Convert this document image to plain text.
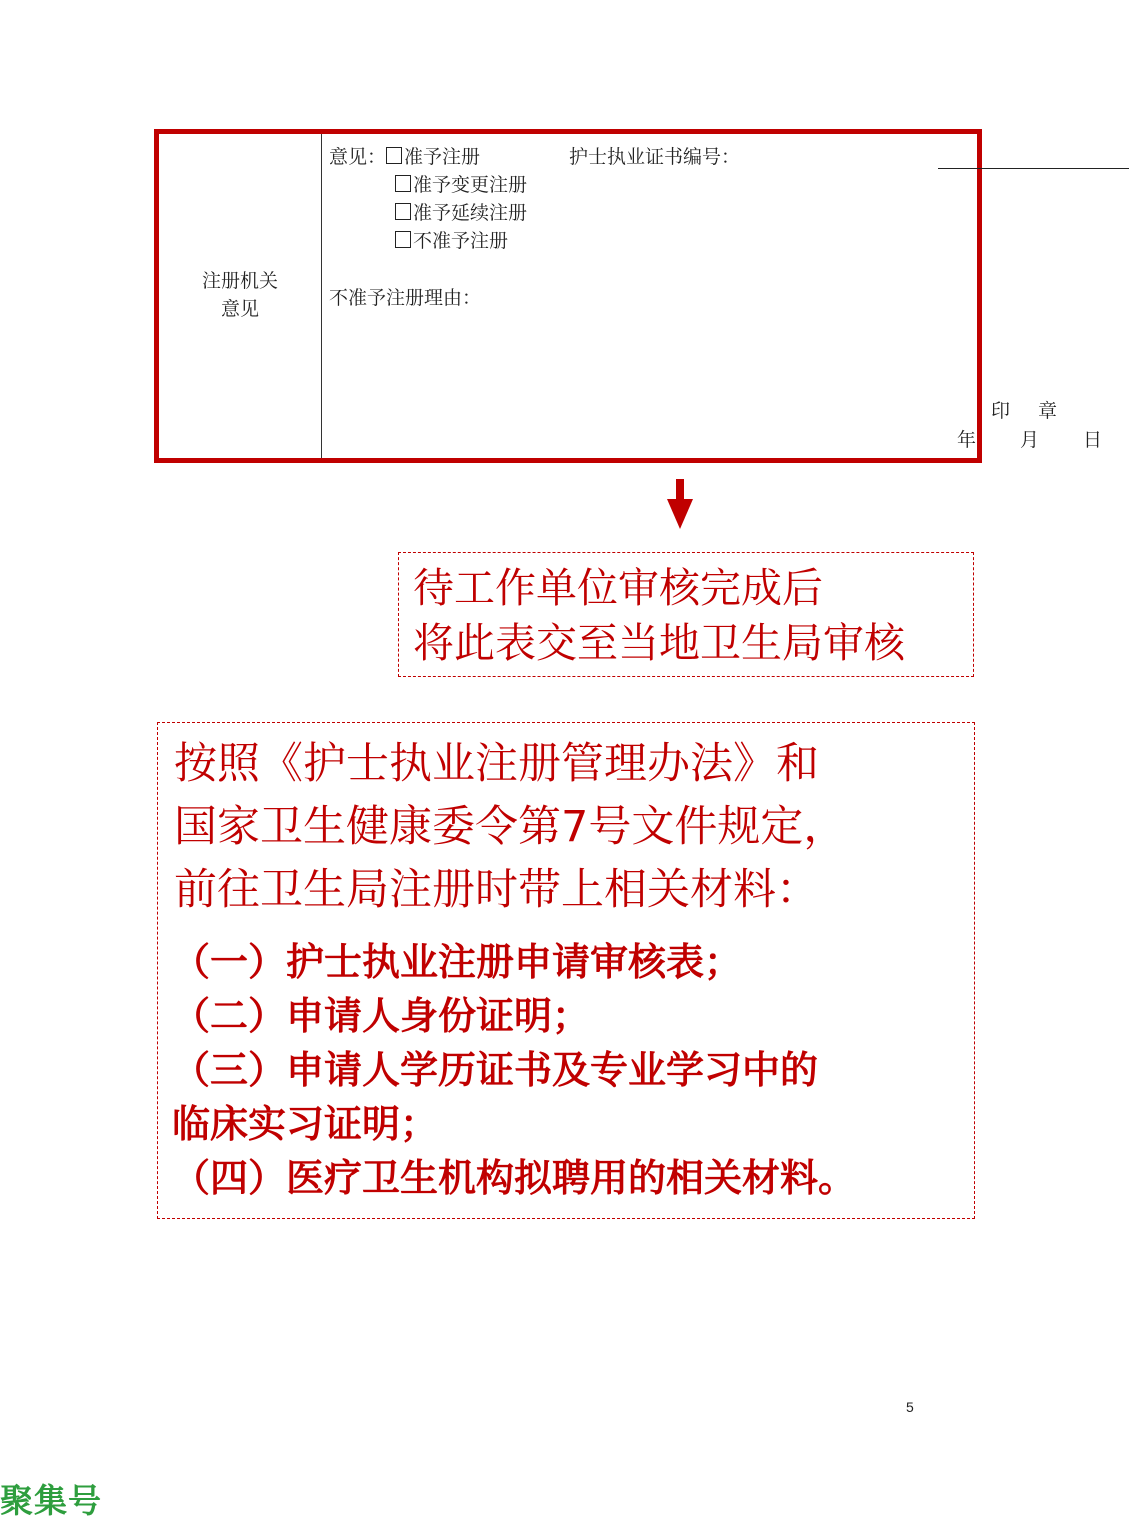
注册机关
意见
意见： 准予注册	护士执业证书编号：
准予变更注册
准予延续注册
不准予注册
不准予注册理由：
印章
年 月 日
待工作单位审核完成后
将此表交至当地卫生局审核
按照《护士执业注册管理办法》和
国家卫生健康委令第7号文件规定，
前往卫生局注册时带上相关材料：
（一）护士执业注册申请审核表；
（二）申请人身份证明；
（三）申请人学历证书及专业学习中的
临床实习证明；
（四）医疗卫生机构拟聘用的相关材料。
5
聚集号
